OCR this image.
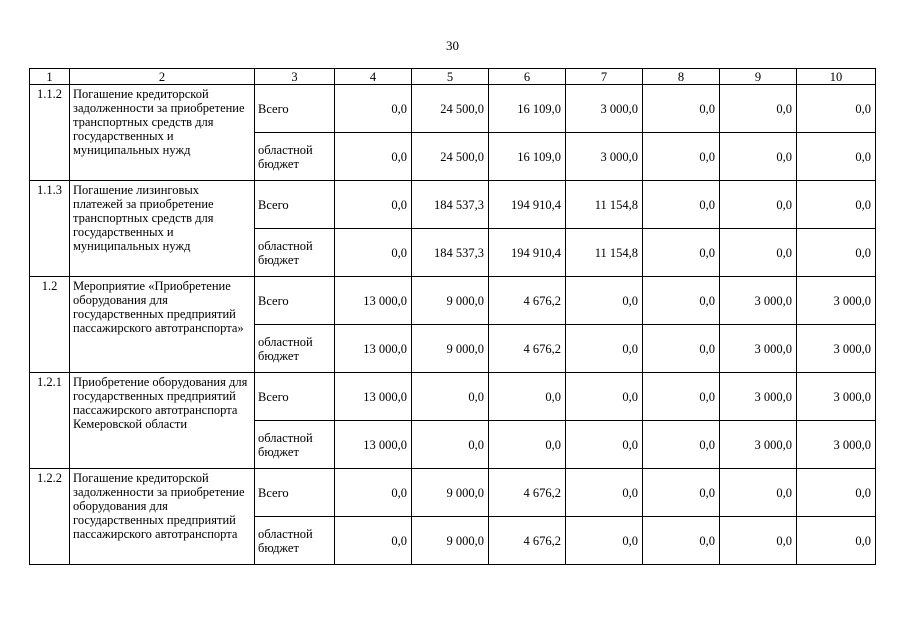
30
1	2	3	4	5	6	7	8	9	10
1.1.2	Погашение кредиторской задолженности за приобретение транспортных средств для государственных и муниципальных нужд	Всего	0,0	24 500,0	16 109,0	3 000,0	0,0	0,0	0,0
		областной бюджет	0,0	24 500,0	16 109,0	3 000,0	0,0	0,0	0,0
1.1.3	Погашение лизинговых платежей за приобретение транспортных средств для государственных и муниципальных нужд	Всего	0,0	184 537,3	194 910,4	11 154,8	0,0	0,0	0,0
		областной бюджет	0,0	184 537,3	194 910,4	11 154,8	0,0	0,0	0,0
1.2	Мероприятие «Приобретение оборудования для государственных предприятий пассажирского автотранспорта»	Всего	13 000,0	9 000,0	4 676,2	0,0	0,0	3 000,0	3 000,0
		областной бюджет	13 000,0	9 000,0	4 676,2	0,0	0,0	3 000,0	3 000,0
1.2.1	Приобретение оборудования для государственных предприятий пассажирского автотранспорта Кемеровской области	Всего	13 000,0	0,0	0,0	0,0	0,0	3 000,0	3 000,0
		областной бюджет	13 000,0	0,0	0,0	0,0	0,0	3 000,0	3 000,0
1.2.2	Погашение кредиторской задолженности за приобретение оборудования для государственных предприятий пассажирского автотранспорта	Всего	0,0	9 000,0	4 676,2	0,0	0,0	0,0	0,0
		областной бюджет	0,0	9 000,0	4 676,2	0,0	0,0	0,0	0,0
